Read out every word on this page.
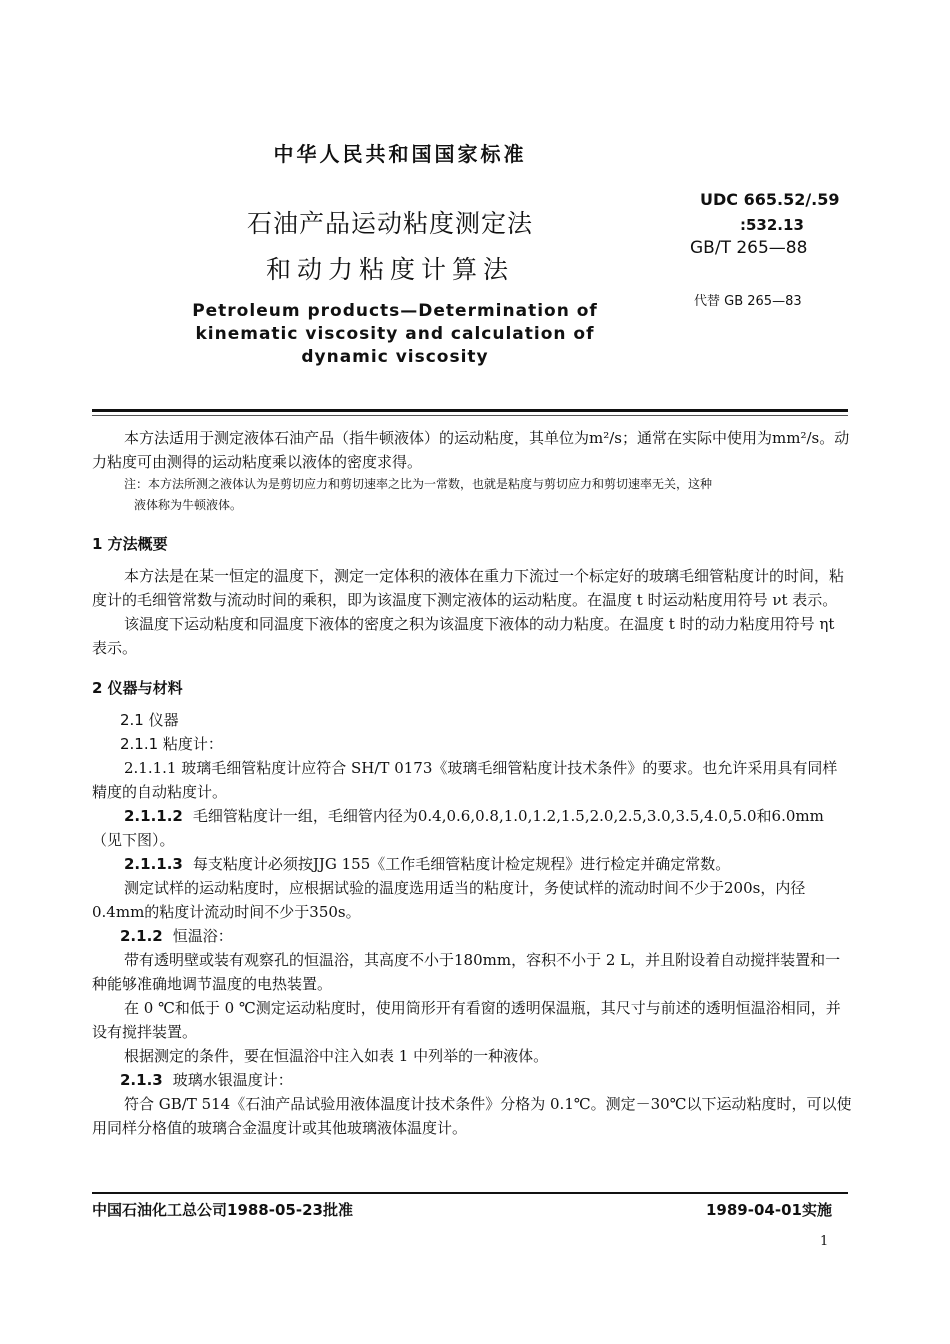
中华人民共和国国家标准
石油产品运动粘度测定法
和动力粘度计算法
UDC 665.52/.59
:532.13
GB/T 265—88
代替 GB 265—83
Petroleum products—Determination of
kinematic viscosity and calculation of
dynamic viscosity

本方法适用于测定液体石油产品（指牛顿液体）的运动粘度，其单位为m²/s；通常在实际中使用为mm²/s。动力粘度可由测得的运动粘度乘以液体的密度求得。

注：本方法所测之液体认为是剪切应力和剪切速率之比为一常数，也就是粘度与剪切应力和剪切速率无关，这种

液体称为牛顿液体。

1 方法概要

本方法是在某一恒定的温度下，测定一定体积的液体在重力下流过一个标定好的玻璃毛细管粘度计的时间，粘度计的毛细管常数与流动时间的乘积，即为该温度下测定液体的运动粘度。在温度 t 时运动粘度用符号 νt 表示。

该温度下运动粘度和同温度下液体的密度之积为该温度下液体的动力粘度。在温度 t 时的动力粘度用符号 ηt 表示。

2 仪器与材料

2.1 仪器

2.1.1 粘度计：

2.1.1.1 玻璃毛细管粘度计应符合 SH/T 0173《玻璃毛细管粘度计技术条件》的要求。也允许采用具有同样精度的自动粘度计。

2.1.1.2 毛细管粘度计一组，毛细管内径为0.4,0.6,0.8,1.0,1.2,1.5,2.0,2.5,3.0,3.5,4.0,5.0和6.0mm（见下图）。

2.1.1.3 每支粘度计必须按JJG 155《工作毛细管粘度计检定规程》进行检定并确定常数。

测定试样的运动粘度时，应根据试验的温度选用适当的粘度计，务使试样的流动时间不少于200s，内径0.4mm的粘度计流动时间不少于350s。

2.1.2 恒温浴：

带有透明壁或装有观察孔的恒温浴，其高度不小于180mm，容积不小于 2 L，并且附设着自动搅拌装置和一种能够准确地调节温度的电热装置。

在 0 ℃和低于 0 ℃测定运动粘度时，使用筒形开有看窗的透明保温瓶，其尺寸与前述的透明恒温浴相同，并设有搅拌装置。

根据测定的条件，要在恒温浴中注入如表 1 中列举的一种液体。

2.1.3 玻璃水银温度计：

符合 GB/T 514《石油产品试验用液体温度计技术条件》分格为 0.1℃。测定－30℃以下运动粘度时，可以使用同样分格值的玻璃合金温度计或其他玻璃液体温度计。

中国石油化工总公司1988-05-23批准	1989-04-01实施
1
